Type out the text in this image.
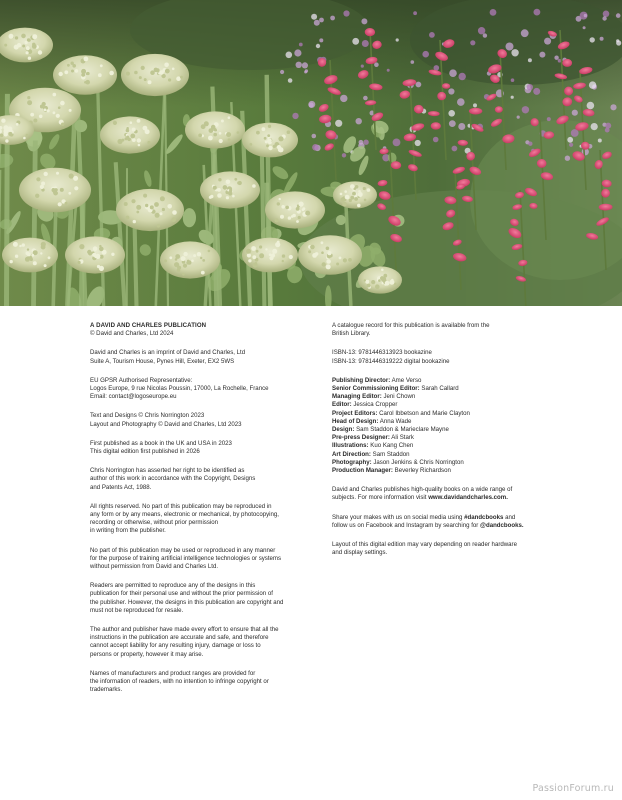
A DAVID AND CHARLES PUBLICATION

© David and Charles, Ltd 2024

David and Charles is an imprint of David and Charles, Ltd
Suite A, Tourism House, Pynes Hill, Exeter, EX2 5WS

EU GPSR Authorised Representative:
Logos Europe, 9 rue Nicolas Poussin, 17000, La Rochelle, France
Email: contact@logoseurope.eu

Text and Designs © Chris Norrington 2023
Layout and Photography © David and Charles, Ltd 2023

First published as a book in the UK and USA in 2023
This digital edition first published in 2026

Chris Norrington has asserted her right to be identified as
author of this work in accordance with the Copyright, Designs
and Patents Act, 1988.

All rights reserved. No part of this publication may be reproduced in
any form or by any means, electronic or mechanical, by photocopying,
recording or otherwise, without prior permission
in writing from the publisher.

No part of this publication may be used or reproduced in any manner
for the purpose of training artificial intelligence technologies or systems
without permission from David and Charles Ltd.

Readers are permitted to reproduce any of the designs in this
publication for their personal use and without the prior permission of
the publisher. However, the designs in this publication are copyright and
must not be reproduced for resale.

The author and publisher have made every effort to ensure that all the
instructions in the publication are accurate and safe, and therefore
cannot accept liability for any resulting injury, damage or loss to
persons or property, however it may arise.

Names of manufacturers and product ranges are provided for
the information of readers, with no intention to infringe copyright or
trademarks.

A catalogue record for this publication is available from the
British Library.

ISBN-13: 9781446313923 bookazine
ISBN-13: 9781446319222 digital bookazine

Publishing Director: Ame Verso
Senior Commissioning Editor: Sarah Callard
Managing Editor: Jeni Chown
Editor: Jessica Cropper
Project Editors: Carol Ibbetson and Marie Clayton
Head of Design: Anna Wade
Design: Sam Staddon & Marieclare Mayne
Pre-press Designer: Ali Stark
Illustrations: Kuo Kang Chen
Art Direction: Sam Staddon
Photography: Jason Jenkins & Chris Norrington
Production Manager: Beverley Richardson

David and Charles publishes high-quality books on a wide range of
subjects. For more information visit www.davidandcharles.com.

Share your makes with us on social media using #dandcbooks and
follow us on Facebook and Instagram by searching for @dandcbooks.

Layout of this digital edition may vary depending on reader hardware
and display settings.

PassionForum.ru
